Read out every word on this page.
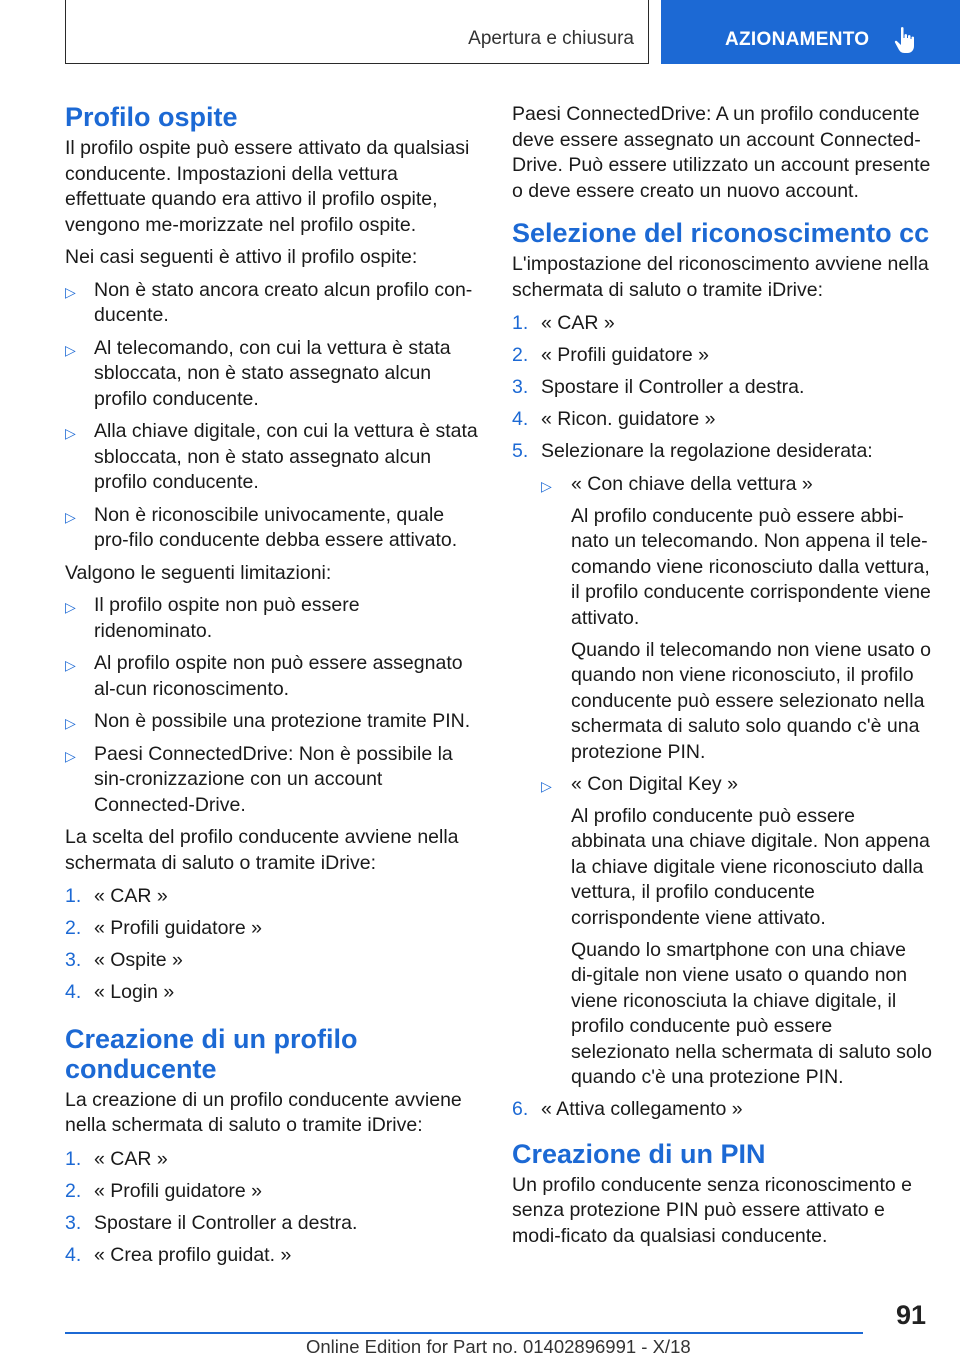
Apertura e chiusura	AZIONAMENTO
Profilo ospite

Il profilo ospite può essere attivato da qualsiasi conducente. Impostazioni della vettura effettuate quando era attivo il profilo ospite, vengono me-morizzate nel profilo ospite.

Nei casi seguenti è attivo il profilo ospite:

▷ Non è stato ancora creato alcun profilo con-ducente.
▷ Al telecomando, con cui la vettura è stata sbloccata, non è stato assegnato alcun profilo conducente.
▷ Alla chiave digitale, con cui la vettura è stata sbloccata, non è stato assegnato alcun profilo conducente.
▷ Non è riconoscibile univocamente, quale pro-filo conducente debba essere attivato.

Valgono le seguenti limitazioni:

▷ Il profilo ospite non può essere ridenominato.
▷ Al profilo ospite non può essere assegnato al-cun riconoscimento.
▷ Non è possibile una protezione tramite PIN.
▷ Paesi ConnectedDrive: Non è possibile la sin-cronizzazione con un account Connected-Drive.

La scelta del profilo conducente avviene nella schermata di saluto o tramite iDrive:

1. « CAR »
2. « Profili guidatore »
3. « Ospite »
4. « Login »
Creazione di un profilo conducente

La creazione di un profilo conducente avviene nella schermata di saluto o tramite iDrive:

1. « CAR »
2. « Profili guidatore »
3. Spostare il Controller a destra.
4. « Crea profilo guidat. »

Paesi ConnectedDrive: A un profilo conducente deve essere assegnato un account Connected-Drive. Può essere utilizzato un account presente o deve essere creato un nuovo account.

Selezione del riconoscimento cc

L'impostazione del riconoscimento avviene nella schermata di saluto o tramite iDrive:

1. « CAR »
2. « Profili guidatore »
3. Spostare il Controller a destra.
4. « Ricon. guidatore »
5. Selezionare la regolazione desiderata:
▷ « Con chiave della vettura »
Al profilo conducente può essere abbi-nato un telecomando. Non appena il tele-comando viene riconosciuto dalla vettura, il profilo conducente corrispondente viene attivato.
Quando il telecomando non viene usato o quando non viene riconosciuto, il profilo conducente può essere selezionato nella schermata di saluto solo quando c'è una protezione PIN.
▷ « Con Digital Key »
Al profilo conducente può essere abbinata una chiave digitale. Non appena la chiave digitale viene riconosciuto dalla vettura, il profilo conducente corrispondente viene attivato.
Quando lo smartphone con una chiave di-gitale non viene usato o quando non viene riconosciuta la chiave digitale, il profilo conducente può essere selezionato nella schermata di saluto solo quando c'è una protezione PIN.
6. « Attiva collegamento »
Creazione di un PIN

Un profilo conducente senza riconoscimento e senza protezione PIN può essere attivato e modi-ficato da qualsiasi conducente.

91
Online Edition for Part no. 01402896991 - X/18
